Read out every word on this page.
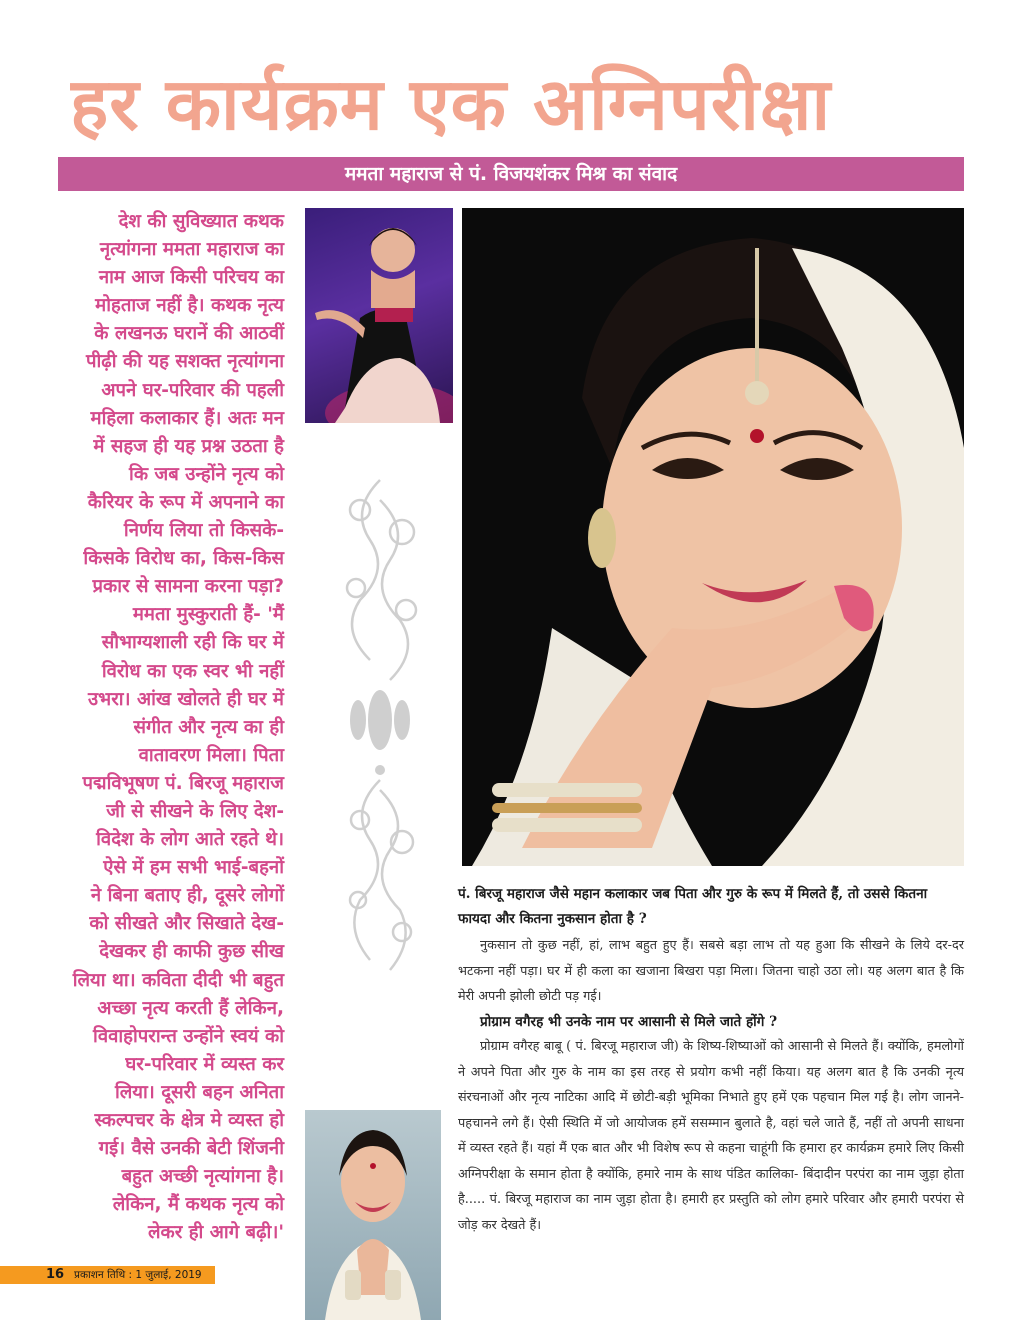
हर कार्यक्रम एक अग्निपरीक्षा
ममता महाराज से पं. विजयशंकर मिश्र का संवाद

देश की सुविख्यात कथक

नृत्यांगना ममता महाराज का

नाम आज किसी परिचय का

मोहताज नहीं है। कथक नृत्य

के लखनऊ घरानें की आठवीं

पीढ़ी की यह सशक्त नृत्यांगना

अपने घर-परिवार की पहली

महिला कलाकार हैं। अतः मन

में सहज ही यह प्रश्न उठता है

कि जब उन्होंने नृत्य को

कैरियर के रूप में अपनाने का

निर्णय लिया तो किसके-

किसके विरोध का, किस-किस

प्रकार से सामना करना पड़ा?

ममता मुस्कुराती हैं- 'मैं

सौभाग्यशाली रही कि घर में

विरोध का एक स्वर भी नहीं

उभरा। आंख खोलते ही घर में

संगीत और नृत्य का ही

वातावरण मिला। पिता

पद्मविभूषण पं. बिरजू महाराज

जी से सीखने के लिए देश-

विदेश के लोग आते रहते थे।

ऐसे में हम सभी भाई-बहनों

ने बिना बताए ही, दूसरे लोगों

को सीखते और सिखाते देख-

देखकर ही काफी कुछ सीख

लिया था। कविता दीदी भी बहुत

अच्छा नृत्य करती हैं लेकिन,

विवाहोपरान्त उन्होंने स्वयं को

घर-परिवार में व्यस्त कर

लिया। दूसरी बहन अनिता

स्कल्पचर के क्षेत्र मे व्यस्त हो

गई। वैसे उनकी बेटी शिंजनी

बहुत अच्छी नृत्यांगना है।

लेकिन, मैं कथक नृत्य को

लेकर ही आगे बढ़ी।'

पं. बिरजू महाराज जैसे महान कलाकार जब पिता और गुरु के रूप में मिलते हैं, तो उससे कितना फायदा और कितना नुकसान होता है ?
नुकसान तो कुछ नहीं, हां, लाभ बहुत हुए हैं। सबसे बड़ा लाभ तो यह हुआ कि सीखने के लिये दर-दर भटकना नहीं पड़ा। घर में ही कला का खजाना बिखरा पड़ा मिला। जितना चाहो उठा लो। यह अलग बात है कि मेरी अपनी झोली छोटी पड़ गई।
प्रोग्राम वगैरह भी उनके नाम पर आसानी से मिले जाते होंगे ?
प्रोग्राम वगैरह बाबू ( पं. बिरजू महाराज जी) के शिष्य-शिष्याओं को आसानी से मिलते हैं। क्योंकि, हमलोगों ने अपने पिता और गुरु के नाम का इस तरह से प्रयोग कभी नहीं किया। यह अलग बात है कि उनकी नृत्य संरचनाओं और नृत्य नाटिका आदि में छोटी-बड़ी भूमिका निभाते हुए हमें एक पहचान मिल गई है। लोग जानने-पहचानने लगे हैं। ऐसी स्थिति में जो आयोजक हमें ससम्मान बुलाते है, वहां चले जाते हैं, नहीं तो अपनी साधना में व्यस्त रहते हैं। यहां मैं एक बात और भी विशेष रूप से कहना चाहूंगी कि हमारा हर कार्यक्रम हमारे लिए किसी अग्निपरीक्षा के समान होता है क्योंकि, हमारे नाम के साथ पंडित कालिका- बिंदादीन परपंरा का नाम जुड़ा होता है..... पं. बिरजू महाराज का नाम जुड़ा होता है। हमारी हर प्रस्तुति को लोग हमारे परिवार और हमारी परपंरा से जोड़ कर देखते हैं।
16 प्रकाशन तिथि : 1 जुलाई, 2019
